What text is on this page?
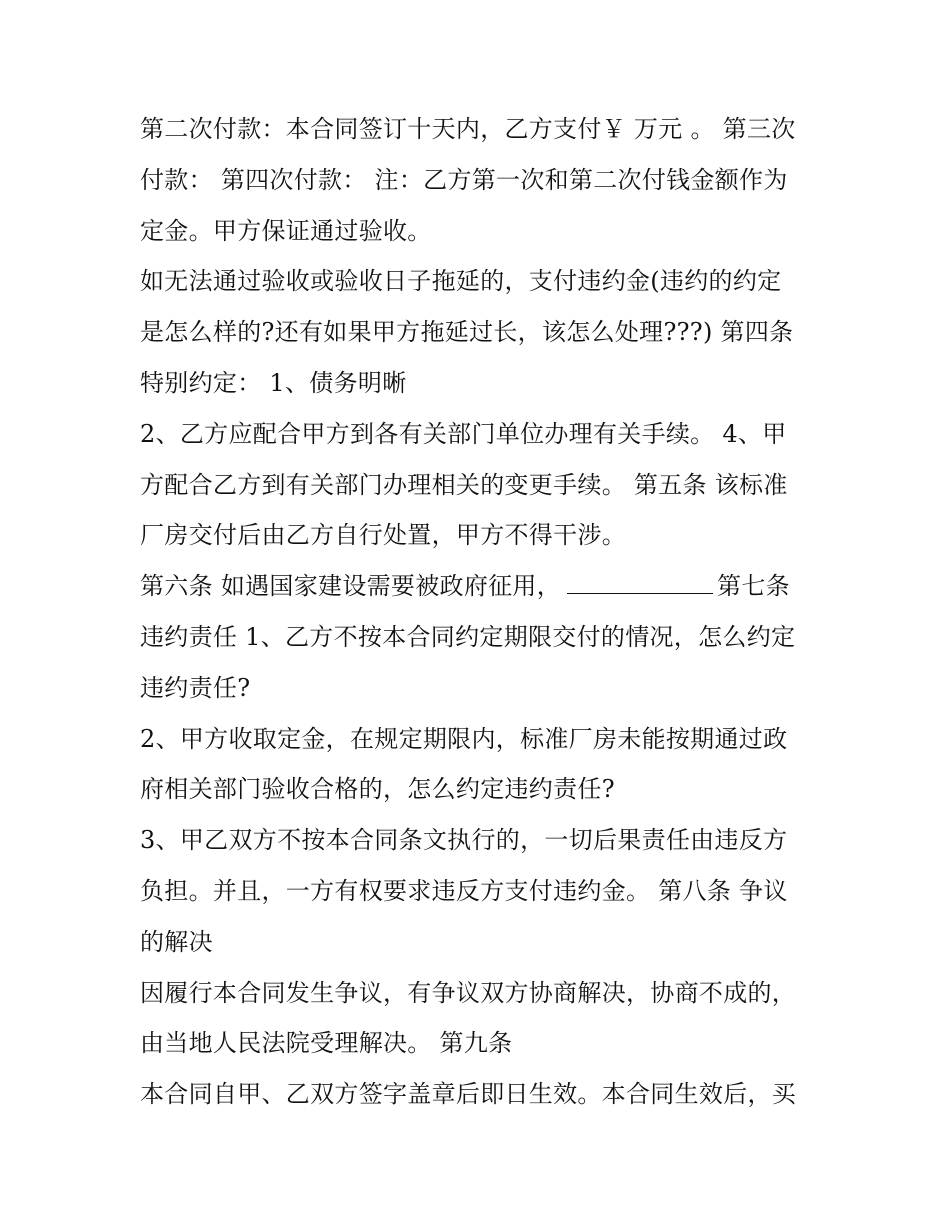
第二次付款：本合同签订十天内，乙方支付￥ 万元 。 第三次
付款： 第四次付款： 注：乙方第一次和第二次付钱金额作为
定金。甲方保证通过验收。
如无法通过验收或验收日子拖延的，支付违约金(违约的约定
是怎么样的?还有如果甲方拖延过长，该怎么处理???) 第四条
特别约定： 1、债务明晰
2、乙方应配合甲方到各有关部门单位办理有关手续。 4、甲
方配合乙方到有关部门办理相关的变更手续。 第五条 该标准
厂房交付后由乙方自行处置，甲方不得干涉。
第六条 如遇国家建设需要被政府征用，	第七条
违约责任 1、乙方不按本合同约定期限交付的情况，怎么约定
违约责任?
2、甲方收取定金，在规定期限内，标准厂房未能按期通过政
府相关部门验收合格的，怎么约定违约责任?
3、甲乙双方不按本合同条文执行的，一切后果责任由违反方
负担。并且，一方有权要求违反方支付违约金。 第八条 争议
的解决
因履行本合同发生争议，有争议双方协商解决，协商不成的，
由当地人民法院受理解决。 第九条
本合同自甲、乙双方签字盖章后即日生效。本合同生效后，买
